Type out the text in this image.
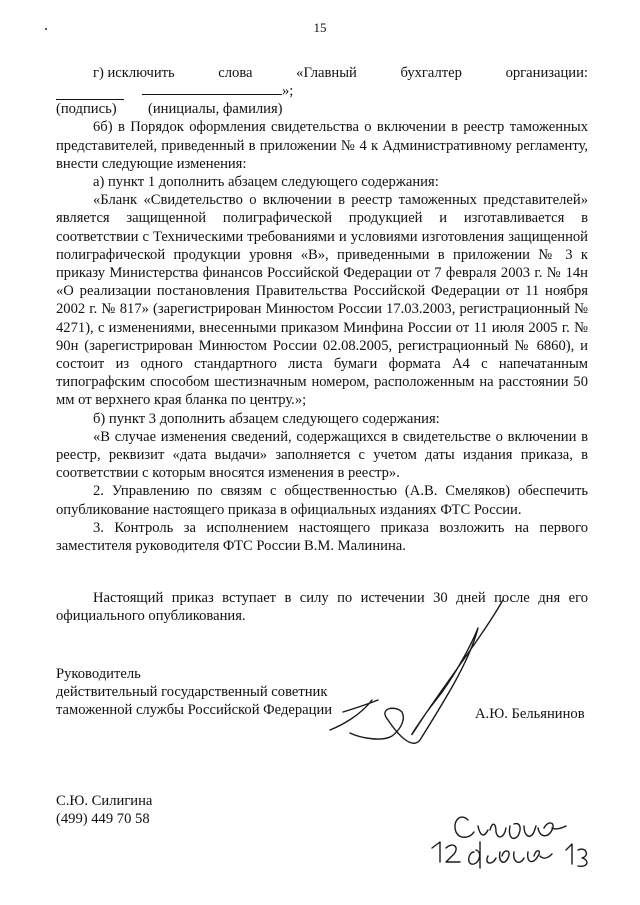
15
г) исключить	слова	«Главный	бухгалтер	организации:
»;
(подпись)	(инициалы, фамилия)

6б) в Порядок оформления свидетельства о включении в реестр таможенных представителей, приведенный в приложении № 4 к Административному регламенту, внести следующие изменения:

а) пункт 1 дополнить абзацем следующего содержания:

«Бланк «Свидетельство о включении в реестр таможенных представителей» является защищенной полиграфической продукцией и изготавливается в соответствии с Техническими требованиями и условиями изготовления защищенной полиграфической продукции уровня «В», приведенными в приложении № 3 к приказу Министерства финансов Российской Федерации от 7 февраля 2003 г. № 14н «О реализации постановления Правительства Российской Федерации от 11 ноября 2002 г. № 817» (зарегистрирован Минюстом России 17.03.2003, регистрационный № 4271), с изменениями, внесенными приказом Минфина России от 11 июля 2005 г. № 90н (зарегистрирован Минюстом России 02.08.2005, регистрационный № 6860), и состоит из одного стандартного листа бумаги формата А4 с напечатанным типографским способом шестизначным номером, расположенным на расстоянии 50 мм от верхнего края бланка по центру.»;

б) пункт 3 дополнить абзацем следующего содержания:

«В случае изменения сведений, содержащихся в свидетельстве о включении в реестр, реквизит «дата выдачи» заполняется с учетом даты издания приказа, в соответствии с которым вносятся изменения в реестр».

2. Управлению по связям с общественностью (А.В. Смеляков) обеспечить опубликование настоящего приказа в официальных изданиях ФТС России.

3. Контроль за исполнением настоящего приказа возложить на первого заместителя руководителя ФТС России В.М. Малинина.

Настоящий приказ вступает в силу по истечении 30 дней после дня его официального опубликования.

Руководитель
действительный государственный советник
таможенной службы Российской Федерации	А.Ю. Бельянинов
С.Ю. Силигина
(499) 449 70 58
